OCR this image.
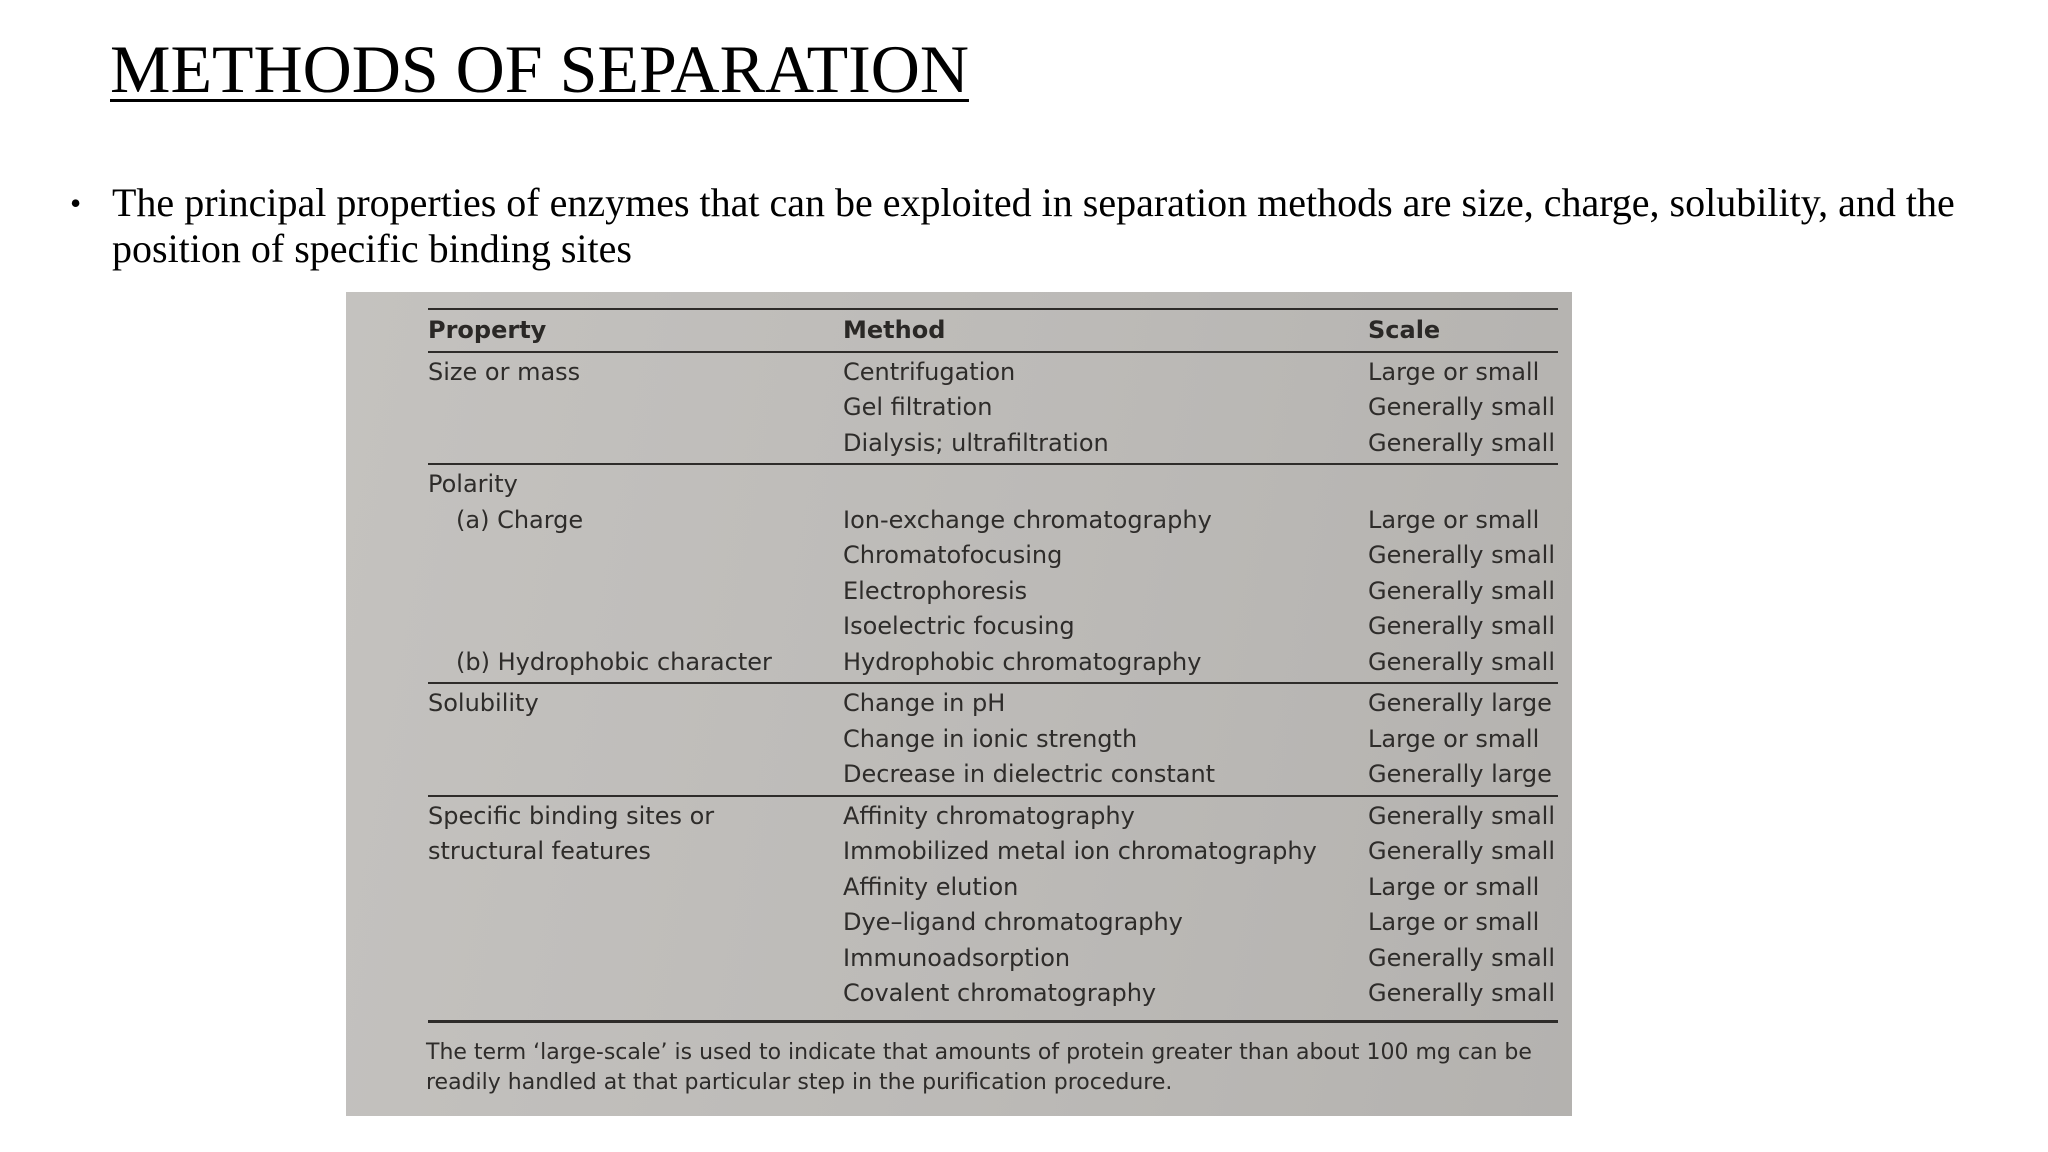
METHODS OF SEPARATION
• The principal properties of enzymes that can be exploited in separation methods are size, charge, solubility, and the position of specific binding sites
Property	Method	Scale
Size or mass	Centrifugation	Large or small
	Gel filtration	Generally small
	Dialysis; ultrafiltration	Generally small
Polarity		
(a) Charge	Ion-exchange chromatography	Large or small
	Chromatofocusing	Generally small
	Electrophoresis	Generally small
	Isoelectric focusing	Generally small
(b) Hydrophobic character	Hydrophobic chromatography	Generally small
Solubility	Change in pH	Generally large
	Change in ionic strength	Large or small
	Decrease in dielectric constant	Generally large
Specific binding sites or	Affinity chromatography	Generally small
structural features	Immobilized metal ion chromatography	Generally small
	Affinity elution	Large or small
	Dye–ligand chromatography	Large or small
	Immunoadsorption	Generally small
	Covalent chromatography	Generally small

The term ‘large-scale’ is used to indicate that amounts of protein greater than about 100 mg can be readily handled at that particular step in the purification procedure.
